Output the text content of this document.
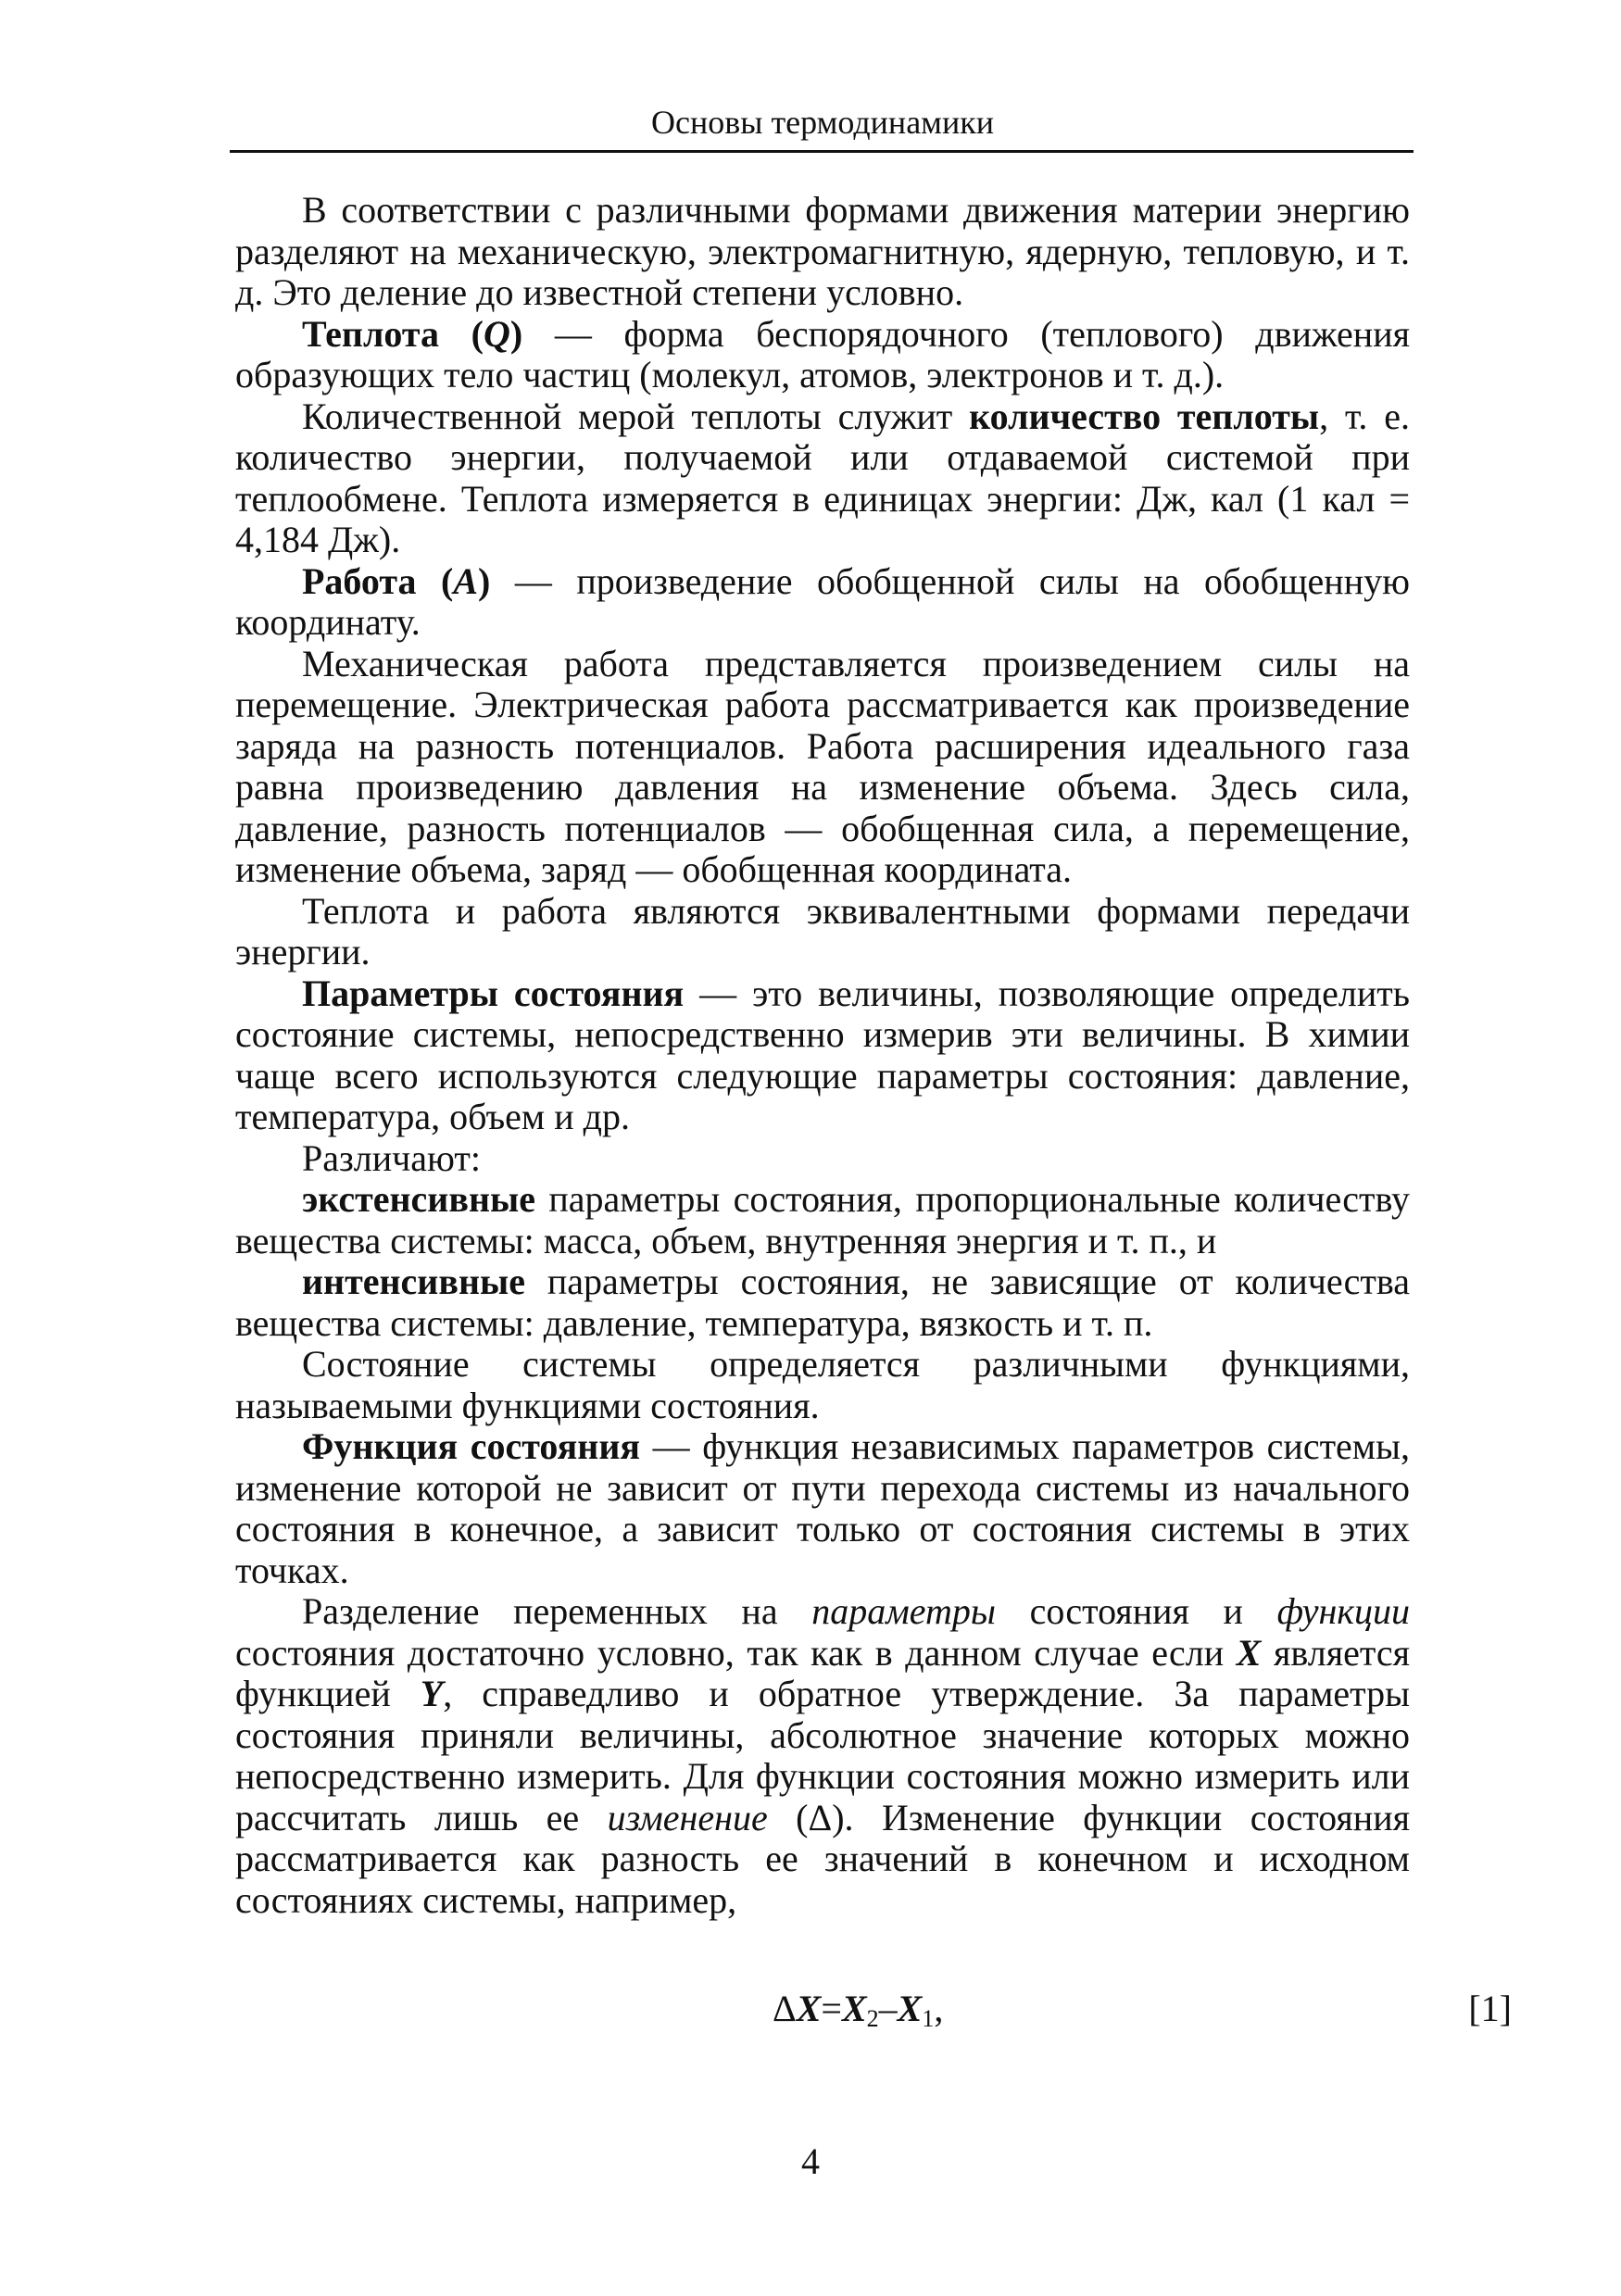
Основы термодинамики

В соответствии с различными формами движения материи энергию разделяют на механическую, электромагнитную, ядерную, тепловую, и т. д. Это деление до известной степени условно.

Теплота (Q) — форма беспорядочного (теплового) движения образующих тело частиц (молекул, атомов, электронов и т. д.).

Количественной мерой теплоты служит количество теплоты, т. е. количество энергии, получаемой или отдаваемой системой при теплообмене. Теплота измеряется в единицах энергии: Дж, кал (1 кал = 4,184 Дж).

Работа (A) — произведение обобщенной силы на обобщенную координату.

Механическая работа представляется произведением силы на перемещение. Электрическая работа рассматривается как произведение заряда на разность потенциалов. Работа расширения идеального газа равна произведению давления на изменение объема. Здесь сила, давление, разность потенциалов — обобщенная сила, а перемещение, изменение объема, заряд — обобщенная координата.

Теплота и работа являются эквивалентными формами передачи энергии.

Параметры состояния — это величины, позволяющие определить состояние системы, непосредственно измерив эти величины. В химии чаще всего используются следующие параметры состояния: давление, температура, объем и др.

Различают:

экстенсивные параметры состояния, пропорциональные количеству вещества системы: масса, объем, внутренняя энергия и т. п., и

интенсивные параметры состояния, не зависящие от количества вещества системы: давление, температура, вязкость и т. п.

Состояние системы определяется различными функциями, называемыми функциями состояния.

Функция состояния — функция независимых параметров системы, изменение которой не зависит от пути перехода системы из начального состояния в конечное, а зависит только от состояния системы в этих точках.

Разделение переменных на параметры состояния и функции состояния достаточно условно, так как в данном случае если X является функцией Y, справедливо и обратное утверждение. За параметры состояния приняли величины, абсолютное значение которых можно непосредственно измерить. Для функции состояния можно измерить или рассчитать лишь ее изменение (Δ). Изменение функции состояния рассматривается как разность ее значений в конечном и исходном состояниях системы, например,

$\Delta X=X_2-X_1$,	[1]
4
